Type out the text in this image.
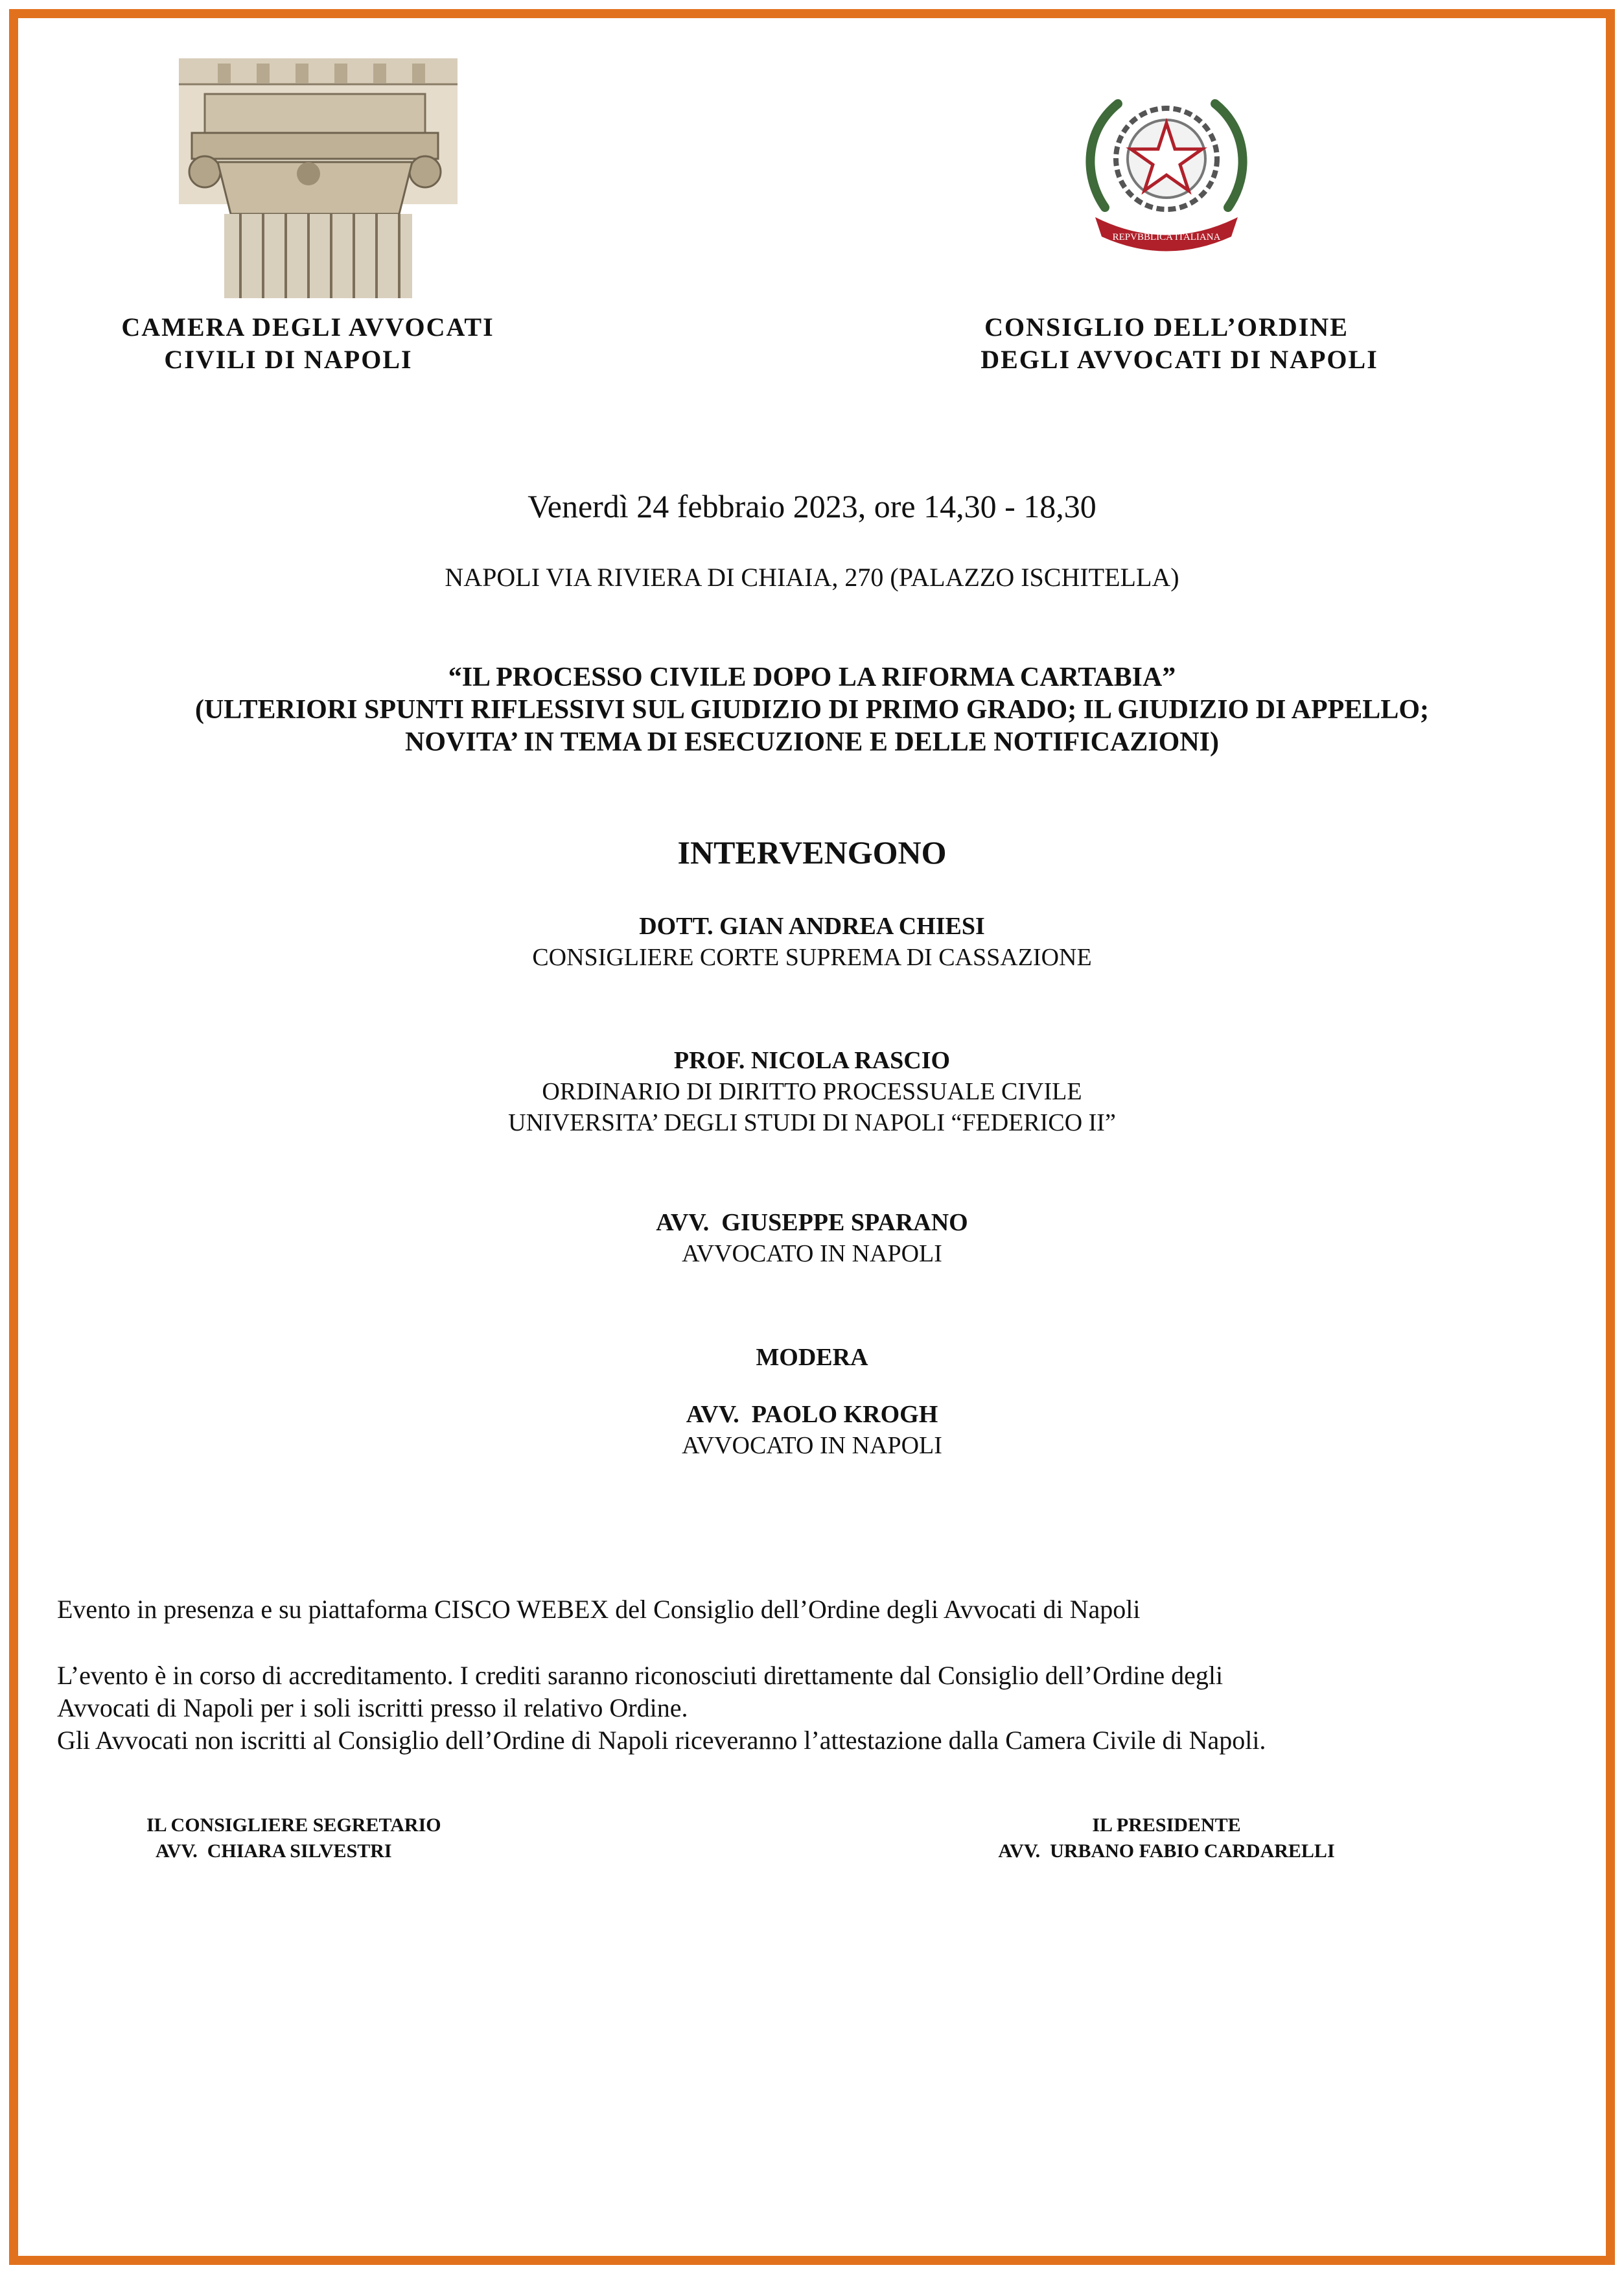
REPVBBLICA ITALIANA
CAMERA DEGLI AVVOCATI
CIVILI DI NAPOLI
CONSIGLIO DELL’ORDINE
DEGLI AVVOCATI DI NAPOLI
Venerdì 24 febbraio 2023, ore 14,30 - 18,30
NAPOLI VIA RIVIERA DI CHIAIA, 270 (PALAZZO ISCHITELLA)
“IL PROCESSO CIVILE DOPO LA RIFORMA CARTABIA”
(ULTERIORI SPUNTI RIFLESSIVI SUL GIUDIZIO DI PRIMO GRADO; IL GIUDIZIO DI APPELLO;
NOVITA’ IN TEMA DI ESECUZIONE E DELLE NOTIFICAZIONI)
INTERVENGONO
DOTT. GIAN ANDREA CHIESI
CONSIGLIERE CORTE SUPREMA DI CASSAZIONE
PROF. NICOLA RASCIO
ORDINARIO DI DIRITTO PROCESSUALE CIVILE
UNIVERSITA’ DEGLI STUDI DI NAPOLI “FEDERICO II”
AVV.  GIUSEPPE SPARANO
AVVOCATO IN NAPOLI
MODERA
AVV.  PAOLO KROGH
AVVOCATO IN NAPOLI
Evento in presenza e su piattaforma CISCO WEBEX del Consiglio dell’Ordine degli Avvocati di Napoli
L’evento è in corso di accreditamento. I crediti saranno riconosciuti direttamente dal Consiglio dell’Ordine degli
Avvocati di Napoli per i soli iscritti presso il relativo Ordine.
Gli Avvocati non iscritti al Consiglio dell’Ordine di Napoli riceveranno l’attestazione dalla Camera Civile di Napoli.
IL CONSIGLIERE SEGRETARIO
AVV.  CHIARA SILVESTRI
IL PRESIDENTE
AVV.  URBANO FABIO CARDARELLI
